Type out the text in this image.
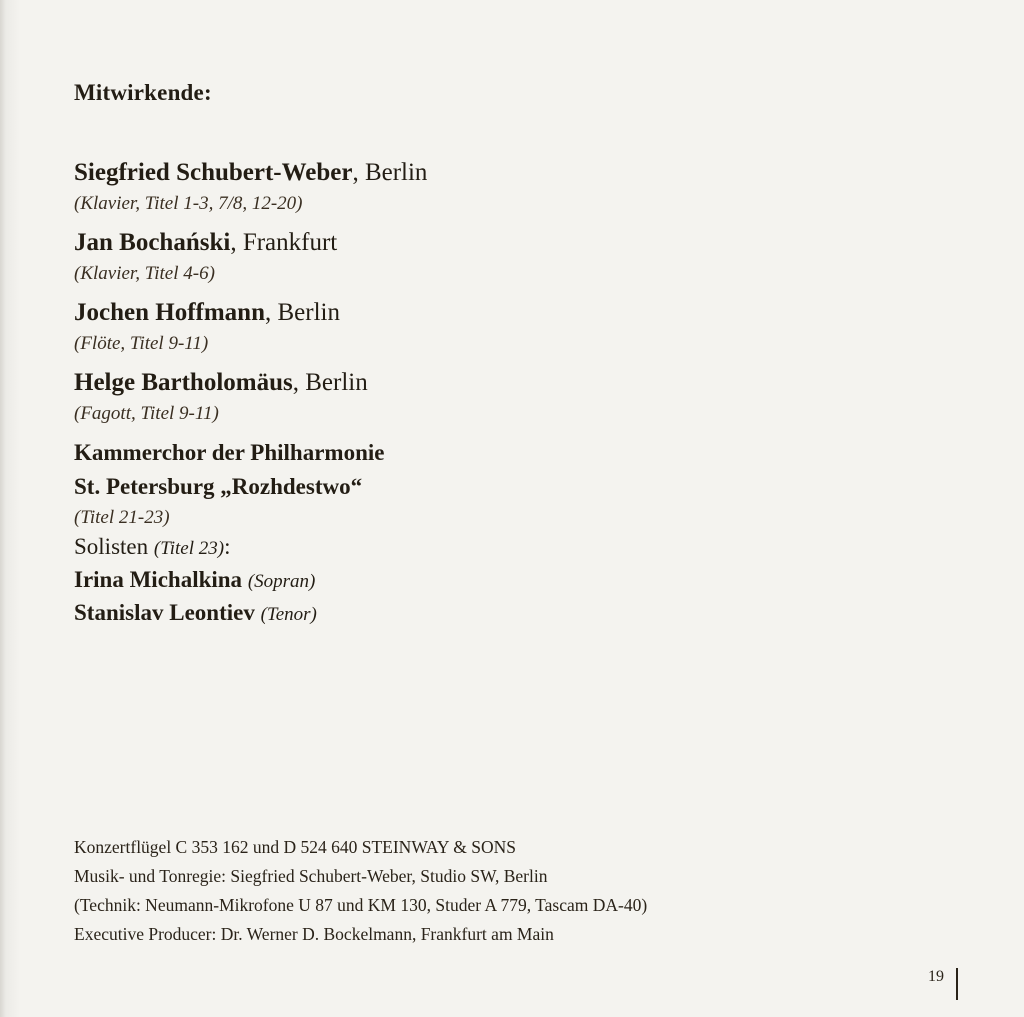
Mitwirkende:
Siegfried Schubert-Weber, Berlin
(Klavier, Titel 1-3, 7/8, 12-20)
Jan Bochański, Frankfurt
(Klavier, Titel 4-6)
Jochen Hoffmann, Berlin
(Flöte, Titel 9-11)
Helge Bartholomäus, Berlin
(Fagott, Titel 9-11)
Kammerchor der Philharmonie
St. Petersburg „Rozhdestwo“
(Titel 21-23)
Solisten (Titel 23):
Irina Michalkina (Sopran)
Stanislav Leontiev (Tenor)
Konzertflügel C 353 162 und D 524 640 STEINWAY & SONS
Musik- und Tonregie: Siegfried Schubert-Weber, Studio SW, Berlin
(Technik: Neumann-Mikrofone U 87 und KM 130, Studer A 779, Tascam DA-40)
Executive Producer: Dr. Werner D. Bockelmann, Frankfurt am Main
19
